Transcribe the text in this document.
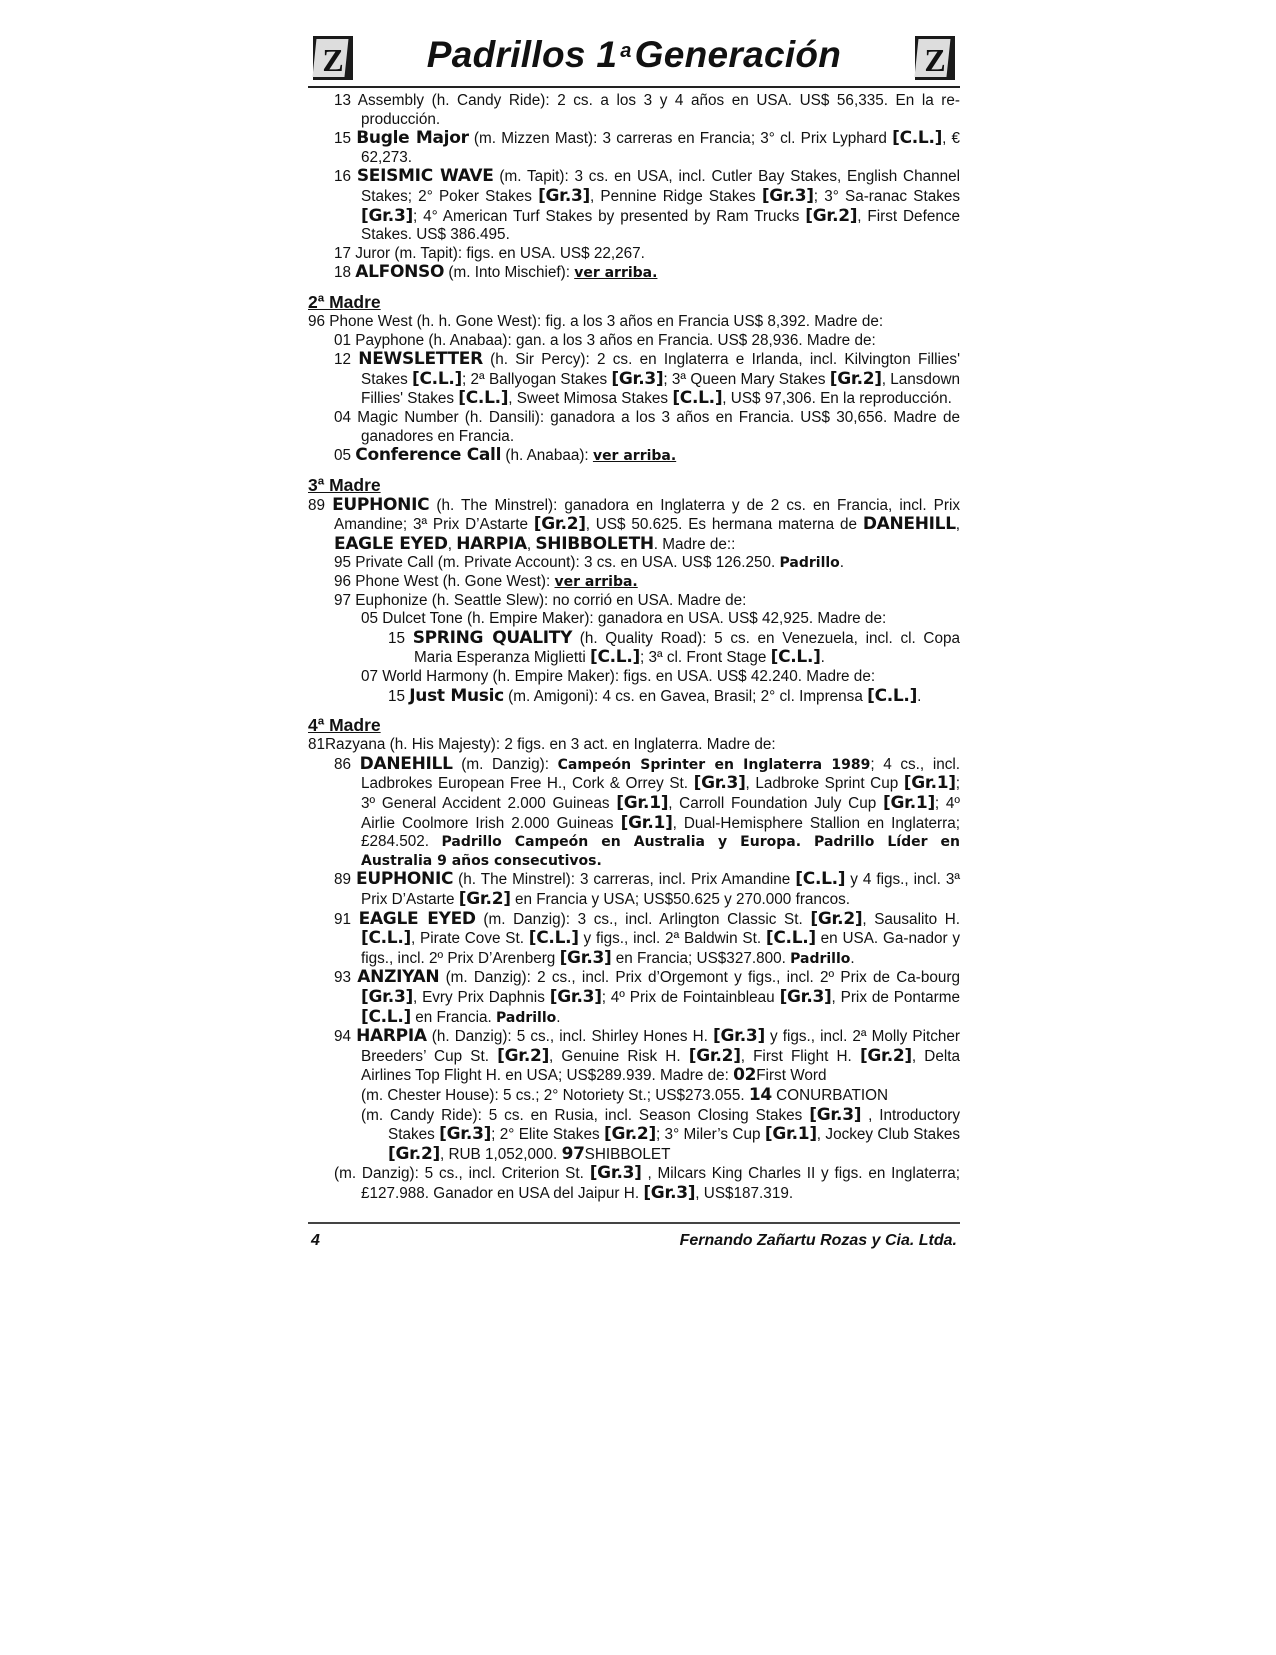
Z	Padrillos 1 $^a$Generación	Z
13 Assembly (h. Candy Ride): 2 cs. a los 3 y 4 años en USA. US$ 56,335. En la re-producción.
15 Bugle Major (m. Mizzen Mast): 3 carreras en Francia; 3° cl. Prix Lyphard [C.L.], € 62,273.
16 SEISMIC WAVE (m. Tapit): 3 cs. en USA, incl. Cutler Bay Stakes, English Channel Stakes; 2° Poker Stakes [Gr.3], Pennine Ridge Stakes [Gr.3]; 3° Sa-ranac Stakes [Gr.3]; 4° American Turf Stakes by presented by Ram Trucks [Gr.2], First Defence Stakes. US$ 386.495.
17 Juror (m. Tapit): figs. en USA. US$ 22,267.
18 ALFONSO (m. Into Mischief): ver arriba.
2ª Madre
96 Phone West (h. h. Gone West): fig. a los 3 años en Francia US$ 8,392. Madre de:
01 Payphone (h. Anabaa): gan. a los 3 años en Francia. US$ 28,936. Madre de:
12 NEWSLETTER (h. Sir Percy): 2 cs. en Inglaterra e Irlanda, incl. Kilvington Fillies' Stakes [C.L.]; 2ª Ballyogan Stakes [Gr.3]; 3ª Queen Mary Stakes [Gr.2], Lansdown Fillies' Stakes [C.L.], Sweet Mimosa Stakes [C.L.], US$ 97,306. En la reproducción.
04 Magic Number (h. Dansili): ganadora a los 3 años en Francia. US$ 30,656. Madre de ganadores en Francia.
05 Conference Call (h. Anabaa): ver arriba.
3ª Madre
89 EUPHONIC (h. The Minstrel): ganadora en Inglaterra y de 2 cs. en Francia, incl. Prix Amandine; 3ª Prix D’Astarte [Gr.2], US$ 50.625. Es hermana materna de DANEHILL, EAGLE EYED, HARPIA, SHIBBOLETH. Madre de::
95 Private Call (m. Private Account): 3 cs. en USA. US$ 126.250. Padrillo.
96 Phone West (h. Gone West): ver arriba.
97 Euphonize (h. Seattle Slew): no corrió en USA. Madre de:
05 Dulcet Tone (h. Empire Maker): ganadora en USA. US$ 42,925. Madre de:
15 SPRING QUALITY (h. Quality Road): 5 cs. en Venezuela, incl. cl. Copa Maria Esperanza Miglietti [C.L.]; 3ª cl. Front Stage [C.L.].
07 World Harmony (h. Empire Maker): figs. en USA. US$ 42.240. Madre de:
15 Just Music (m. Amigoni): 4 cs. en Gavea, Brasil; 2° cl. Imprensa [C.L.].
4ª Madre
81Razyana (h. His Majesty): 2 figs. en 3 act. en Inglaterra. Madre de:
86 DANEHILL (m. Danzig): Campeón Sprinter en Inglaterra 1989; 4 cs., incl. Ladbrokes European Free H., Cork & Orrey St. [Gr.3], Ladbroke Sprint Cup [Gr.1]; 3º General Accident 2.000 Guineas [Gr.1], Carroll Foundation July Cup [Gr.1]; 4º Airlie Coolmore Irish 2.000 Guineas [Gr.1], Dual-Hemisphere Stallion en Inglaterra; £284.502. Padrillo Campeón en Australia y Europa. Padrillo Líder en Australia 9 años consecutivos.
89 EUPHONIC (h. The Minstrel): 3 carreras, incl. Prix Amandine [C.L.] y 4 figs., incl. 3ª Prix D’Astarte [Gr.2] en Francia y USA; US$50.625 y 270.000 francos.
91 EAGLE EYED (m. Danzig): 3 cs., incl. Arlington Classic St. [Gr.2], Sausalito H. [C.L.], Pirate Cove St. [C.L.] y figs., incl. 2ª Baldwin St. [C.L.] en USA. Ga-nador y figs., incl. 2º Prix D’Arenberg [Gr.3] en Francia; US$327.800. Padrillo.
93 ANZIYAN (m. Danzig): 2 cs., incl. Prix d’Orgemont y figs., incl. 2º Prix de Ca-bourg [Gr.3], Evry Prix Daphnis [Gr.3]; 4º Prix de Fointainbleau [Gr.3], Prix de Pontarme [C.L.] en Francia. Padrillo.
94 HARPIA (h. Danzig): 5 cs., incl. Shirley Hones H. [Gr.3] y figs., incl. 2ª Molly Pitcher Breeders’ Cup St. [Gr.2], Genuine Risk H. [Gr.2], First Flight H. [Gr.2], Delta Airlines Top Flight H. en USA; US$289.939. Madre de: 02First Word
(m. Chester House): 5 cs.; 2° Notoriety St.; US$273.055. 14 CONURBATION
(m. Candy Ride): 5 cs. en Rusia, incl. Season Closing Stakes [Gr.3] , Introductory Stakes [Gr.3]; 2° Elite Stakes [Gr.2]; 3° Miler’s Cup [Gr.1], Jockey Club Stakes [Gr.2], RUB 1,052,000. 97SHIBBOLET
(m. Danzig): 5 cs., incl. Criterion St. [Gr.3] , Milcars King Charles II y figs. en Inglaterra; £127.988. Ganador en USA del Jaipur H. [Gr.3], US$187.319.
4	Fernando Zañartu Rozas y Cia. Ltda.
